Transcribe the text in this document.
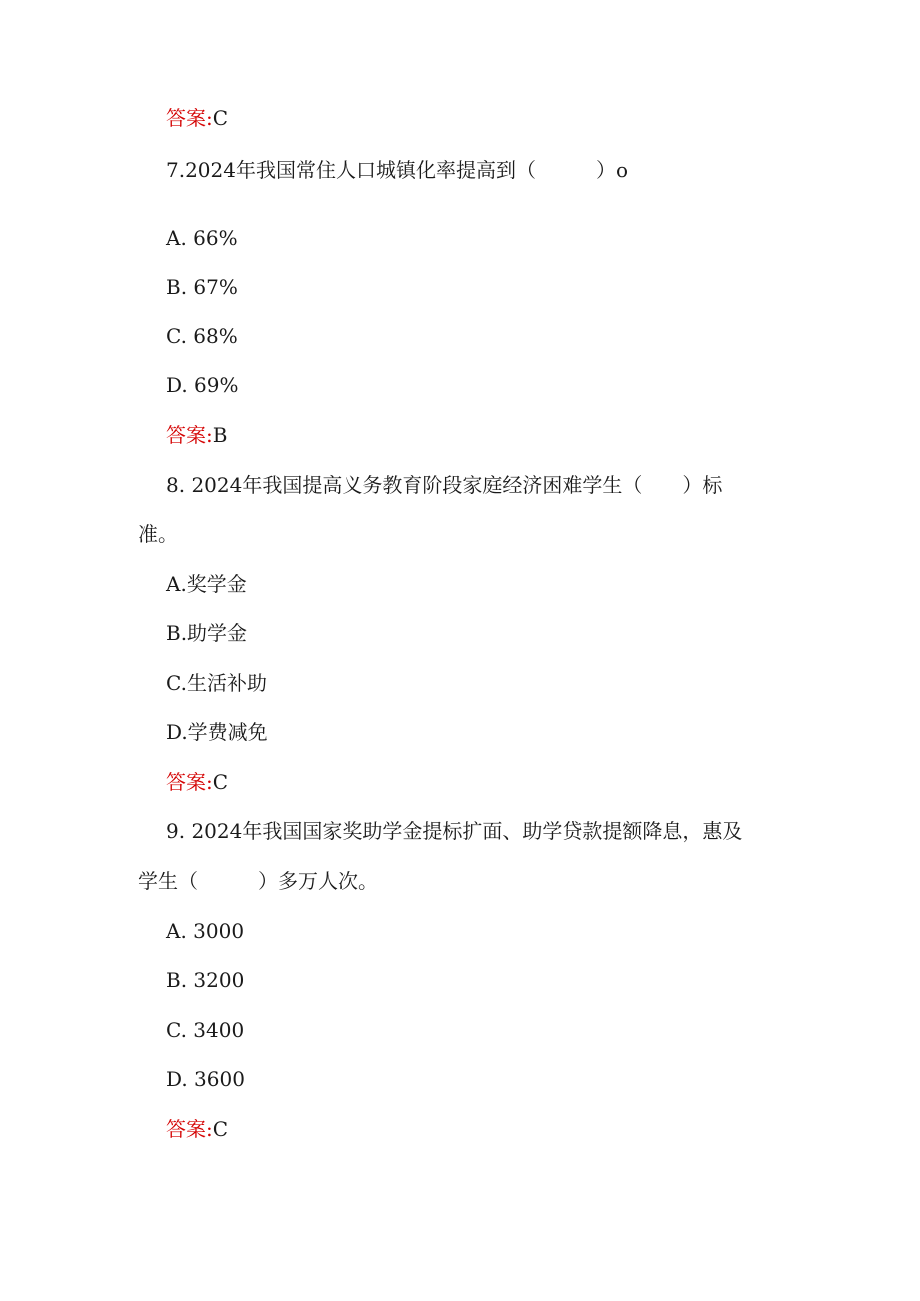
答案:C
7.2024年我国常住人口城镇化率提高到（　　　）o
A. 66%
B. 67%
C. 68%
D. 69%
答案:B
8. 2024年我国提高义务教育阶段家庭经济困难学生（　　）标
准。
A.奖学金
B.助学金
C.生活补助
D.学费减免
答案:C
9. 2024年我国国家奖助学金提标扩面、助学贷款提额降息，惠及
学生（　　　）多万人次。
A. 3000
B. 3200
C. 3400
D. 3600
答案:C
